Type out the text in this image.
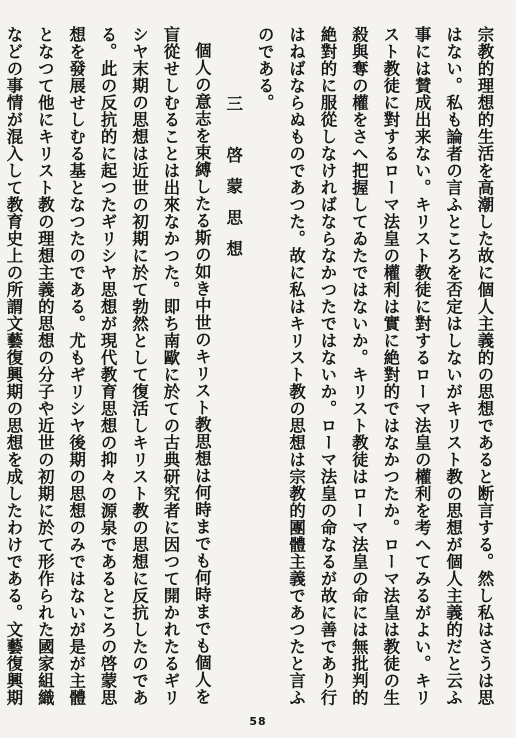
宗教的理想的生活を高潮した故に個人主義的の思想であると断言する。然し私はさうは思はない。私も論者の言ふところを否定はしないがキリスト教の思想が個人主義的だと云ふ事には賛成出来ない。キリスト教徒に對するローマ法皇の權利を考へてみるがよい。キリスト教徒に對するローマ法皇の權利は實に絶對的ではなかつたか。ローマ法皇は教徒の生殺與奪の權をさへ把握してゐたではないか。キリスト教徒はローマ法皇の命には無批判的絶對的に服從しなければならなかつたではないか。ローマ法皇の命なるが故に善であり行はねばならぬものであつた。故に私はキリスト教の思想は宗教的團體主義であつたと言ふのである。

三 啓蒙思想

個人の意志を束縛したる斯の如き中世のキリスト教思想は何時までも何時までも個人を盲從せしむることは出來なかつた。即ち南歐に於ての古典研究者に因つて開かれたるギリシヤ末期の思想は近世の初期に於て勃然として復活しキリスト教の思想に反抗したのである。此の反抗的に起つたギリシヤ思想が現代教育思想の抑々の源泉であるところの啓蒙思想を發展せしむる基となつたのである。尤もギリシヤ後期の思想のみではないが是が主體となつて他にキリスト教の理想主義的思想の分子や近世の初期に於て形作られた國家組織などの事情が混入して教育史上の所謂文藝復興期の思想を成したわけである。文藝復興期

58
